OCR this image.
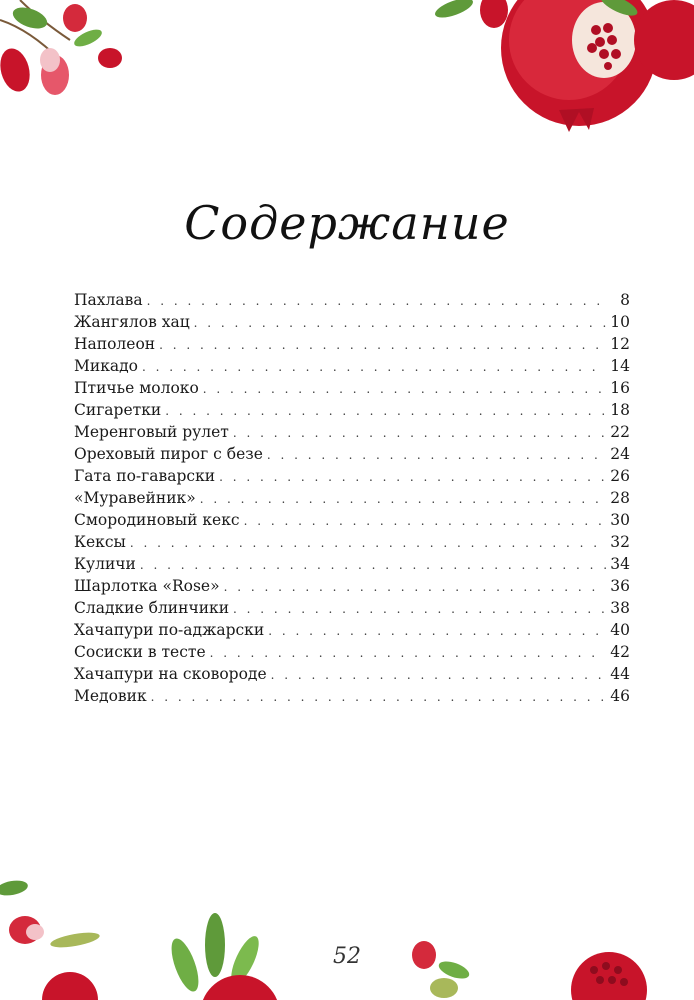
Содержание
Пахлава . . .	8
Жангялов хац . . .	10
Наполеон . . .	12
Микадо . . .	14
Птичье молоко . . .	16
Сигаретки . . .	18
Меренговый рулет . . .	22
Ореховый пирог с безе . . .	24
Гата по-гаварски . . .	26
«Муравейник» . . .	28
Смородиновый кекс . . .	30
Кексы . . .	32
Куличи . . .	34
Шарлотка «Rose» . . .	36
Сладкие блинчики . . .	38
Хачапури по-аджарски . . .	40
Сосиски в тесте . . .	42
Хачапури на сковороде . . .	44
Медовик . . .	46
52
